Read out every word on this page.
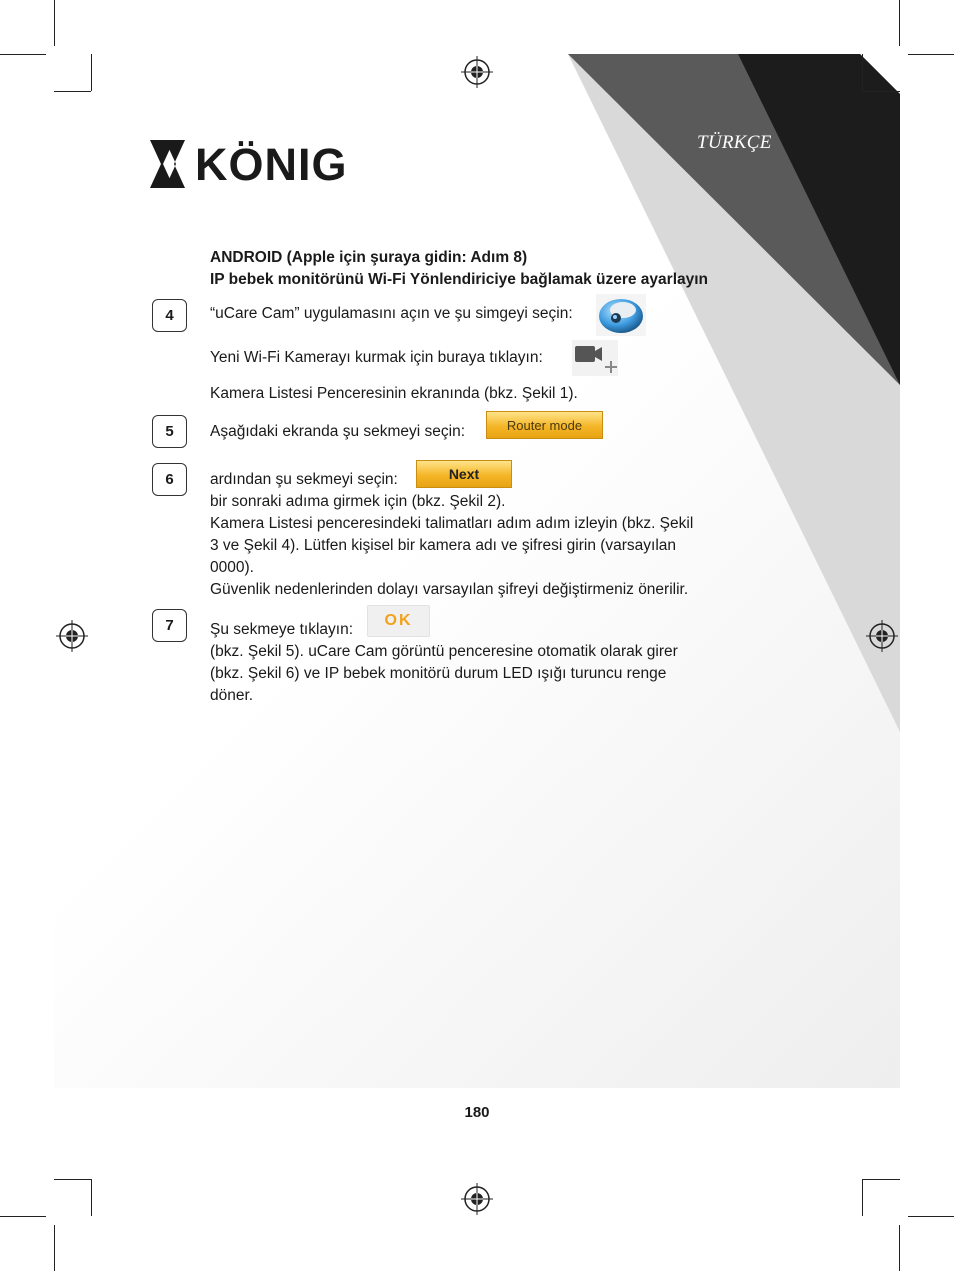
KÖNIG	TÜRKÇE
ANDROID (Apple için şuraya gidin: Adım 8)
IP bebek monitörünü Wi-Fi Yönlendiriciye bağlamak üzere ayarlayın
4	“uCare Cam” uygulamasını açın ve şu simgeyi seçin:
Yeni Wi-Fi Kamerayı kurmak için buraya tıklayın:
Kamera Listesi Penceresinin ekranında (bkz. Şekil 1).
5	Aşağıdaki ekranda şu sekmeyi seçin:	Router mode
6	ardından şu sekmeyi seçin:	Next
bir sonraki adıma girmek için (bkz. Şekil 2).
Kamera Listesi penceresindeki talimatları adım adım izleyin (bkz. Şekil
3 ve Şekil 4). Lütfen kişisel bir kamera adı ve şifresi girin (varsayılan
0000).
Güvenlik nedenlerinden dolayı varsayılan şifreyi değiştirmeniz önerilir.
7	Şu sekmeye tıklayın:
OK
(bkz. Şekil 5). uCare Cam görüntü penceresine otomatik olarak girer
(bkz. Şekil 6) ve IP bebek monitörü durum LED ışığı turuncu renge
döner.
180
